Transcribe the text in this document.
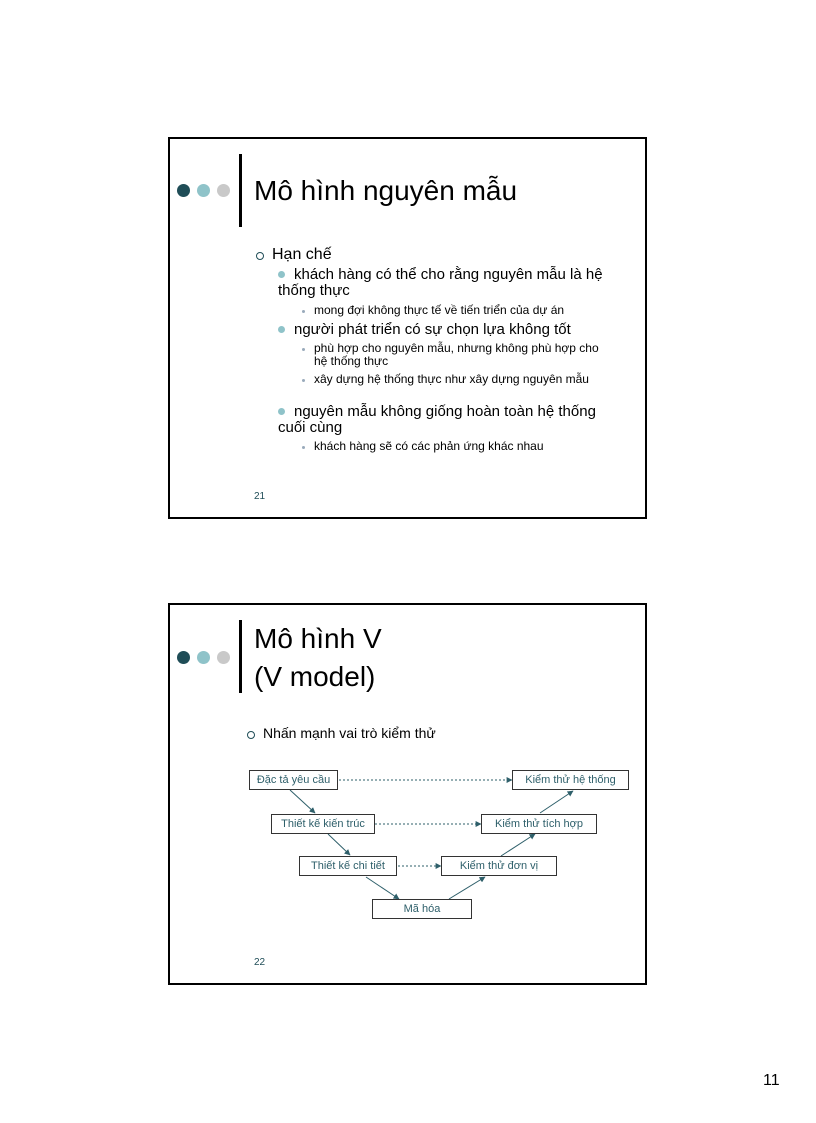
Mô hình nguyên mẫu
Hạn chế
khách hàng có thể cho rằng nguyên mẫu là hệ thống thực
mong đợi không thực tế về tiến triển của dự án
người phát triển có sự chọn lựa không tốt
phù hợp cho nguyên mẫu, nhưng không phù hợp cho hệ thống thực
xây dựng hệ thống thực như xây dựng nguyên mẫu
nguyên mẫu không giống hoàn toàn hệ thống cuối cùng
khách hàng sẽ có các phản ứng khác nhau
21
Mô hình V
(V model)
Nhấn mạnh vai trò kiểm thử
Đặc tả yêu cầu
Thiết kế kiến trúc
Thiết kế chi tiết
Mã hóa
Kiểm thử đơn vị
Kiểm thử tích hợp
Kiểm thử hệ thống
22
11
